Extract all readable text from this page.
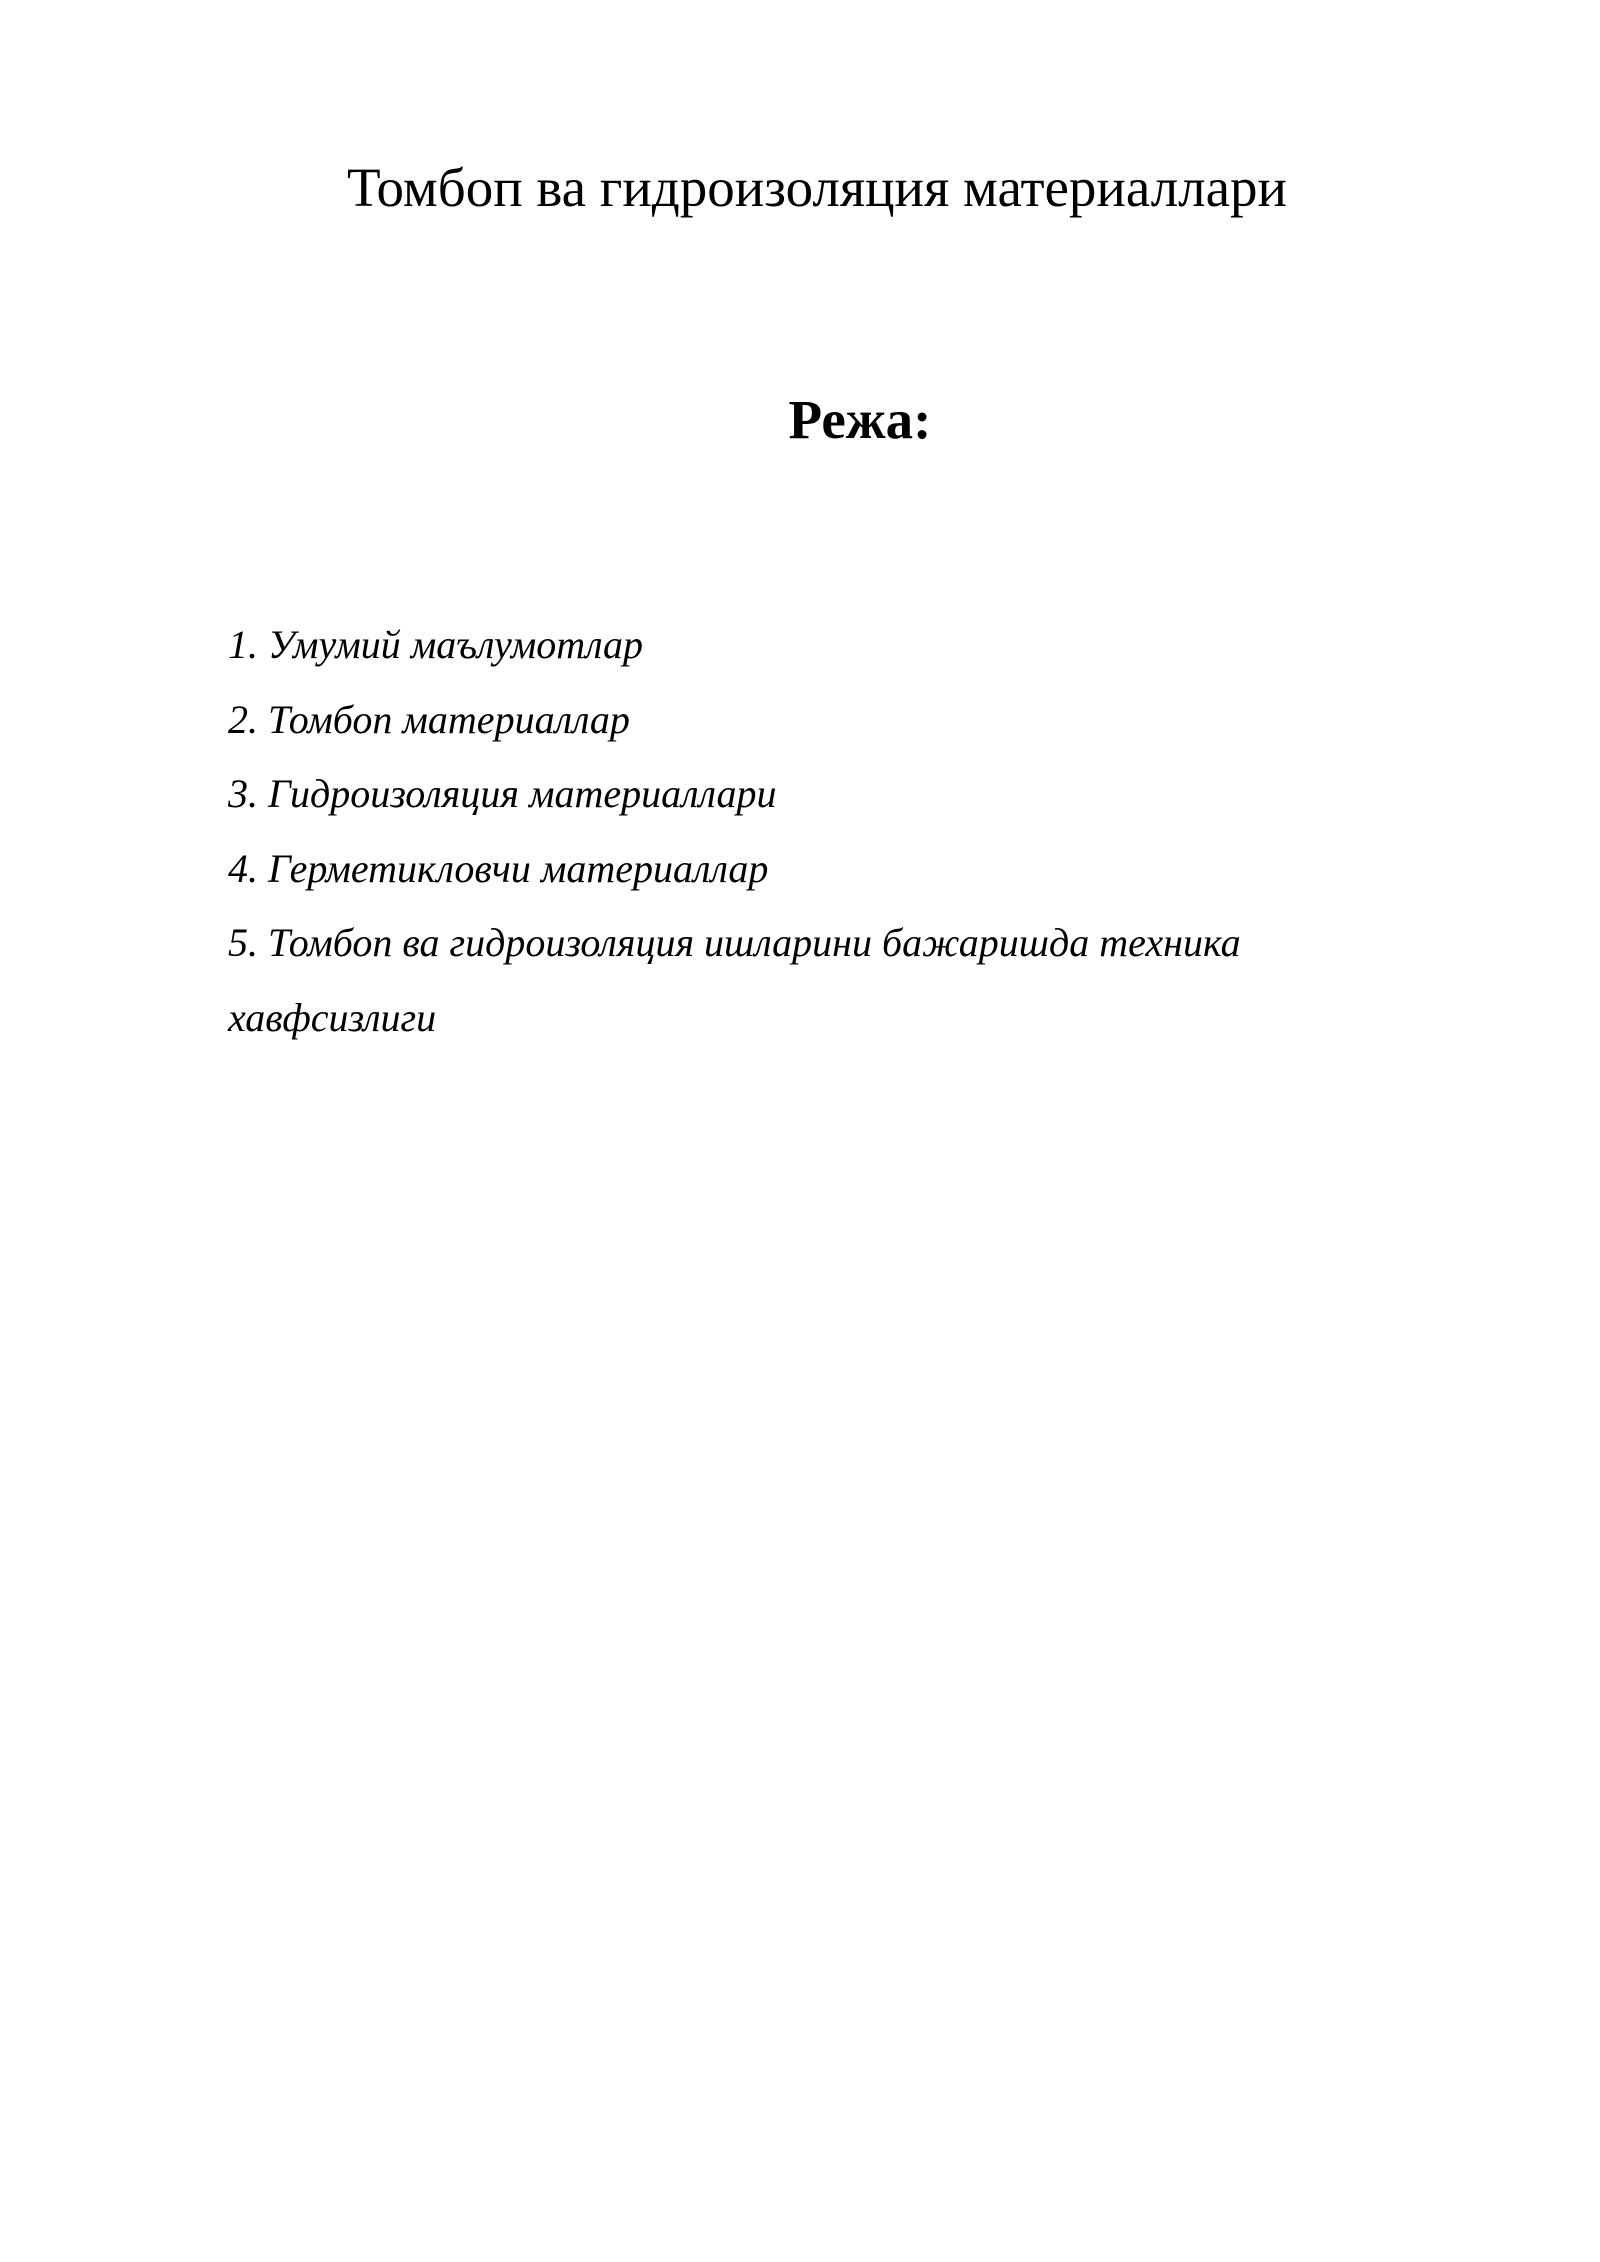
Томбоп ва гидроизоляция материаллари
Режа:
1. Умумий маълумотлар
2. Томбоп материаллар
3. Гидроизоляция материаллари
4. Герметикловчи материаллар
5. Томбоп ва гидроизоляция ишларини бажаришда техника хавфсизлиги
